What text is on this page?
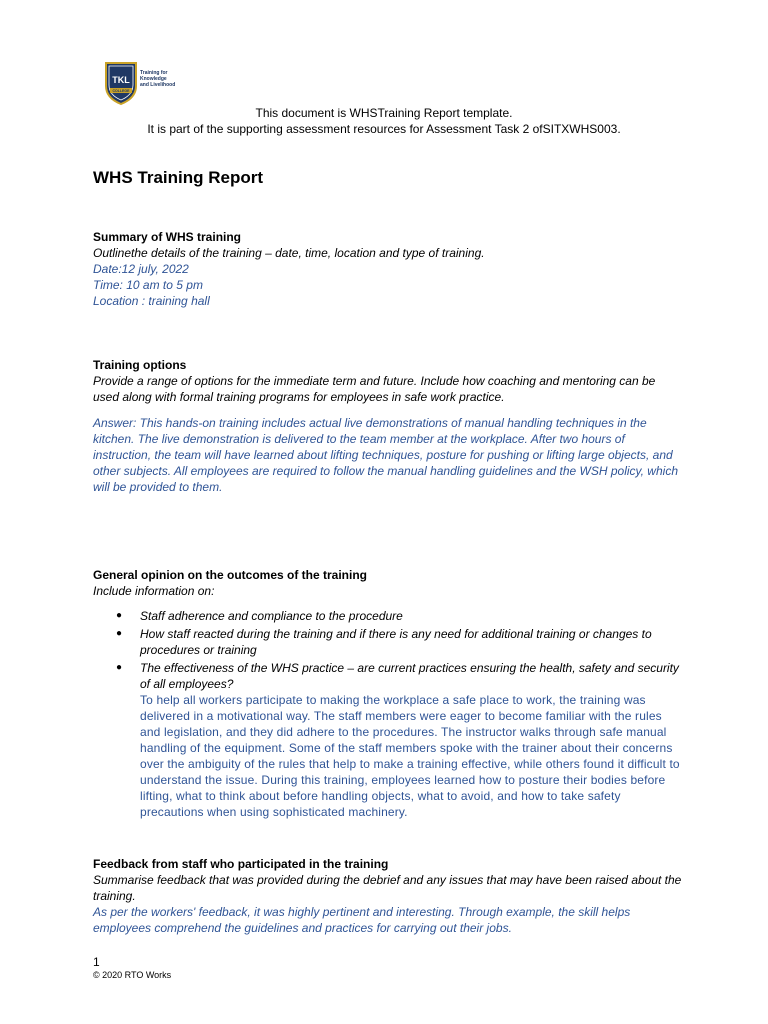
TKL
COLLEGE
Training for
Knowledge
and Livelihood
This document is WHSTraining Report template.
It is part of the supporting assessment resources for Assessment Task 2 ofSITXWHS003.
WHS Training Report
Summary of WHS training
Outlinethe details of the training – date, time, location and type of training.
Date:12 july, 2022
Time: 10 am to 5 pm
Location : training hall
Training options
Provide a range of options for the immediate term and future. Include how coaching and mentoring can be used along with formal training programs for employees in safe work practice.
Answer: This hands-on training includes actual live demonstrations of manual handling techniques in the kitchen. The live demonstration is delivered to the team member at the workplace. After two hours of instruction, the team will have learned about lifting techniques, posture for pushing or lifting large objects, and other subjects. All employees are required to follow the manual handling guidelines and the WSH policy, which will be provided to them.
General opinion on the outcomes of the training
Include information on:
● Staff adherence and compliance to the procedure
● How staff reacted during the training and if there is any need for additional training or changes to procedures or training
● The effectiveness of the WHS practice – are current practices ensuring the health, safety and security of all employees?
To help all workers participate to making the workplace a safe place to work, the training was delivered in a motivational way. The staff members were eager to become familiar with the rules and legislation, and they did adhere to the procedures. The instructor walks through safe manual handling of the equipment. Some of the staff members spoke with the trainer about their concerns over the ambiguity of the rules that help to make a training effective, while others found it difficult to understand the issue. During this training, employees learned how to posture their bodies before lifting, what to think about before handling objects, what to avoid, and how to take safety precautions when using sophisticated machinery.
Feedback from staff who participated in the training
Summarise feedback that was provided during the debrief and any issues that may have been raised about the training.
As per the workers' feedback, it was highly pertinent and interesting. Through example, the skill helps employees comprehend the guidelines and practices for carrying out their jobs.
1
© 2020 RTO Works
